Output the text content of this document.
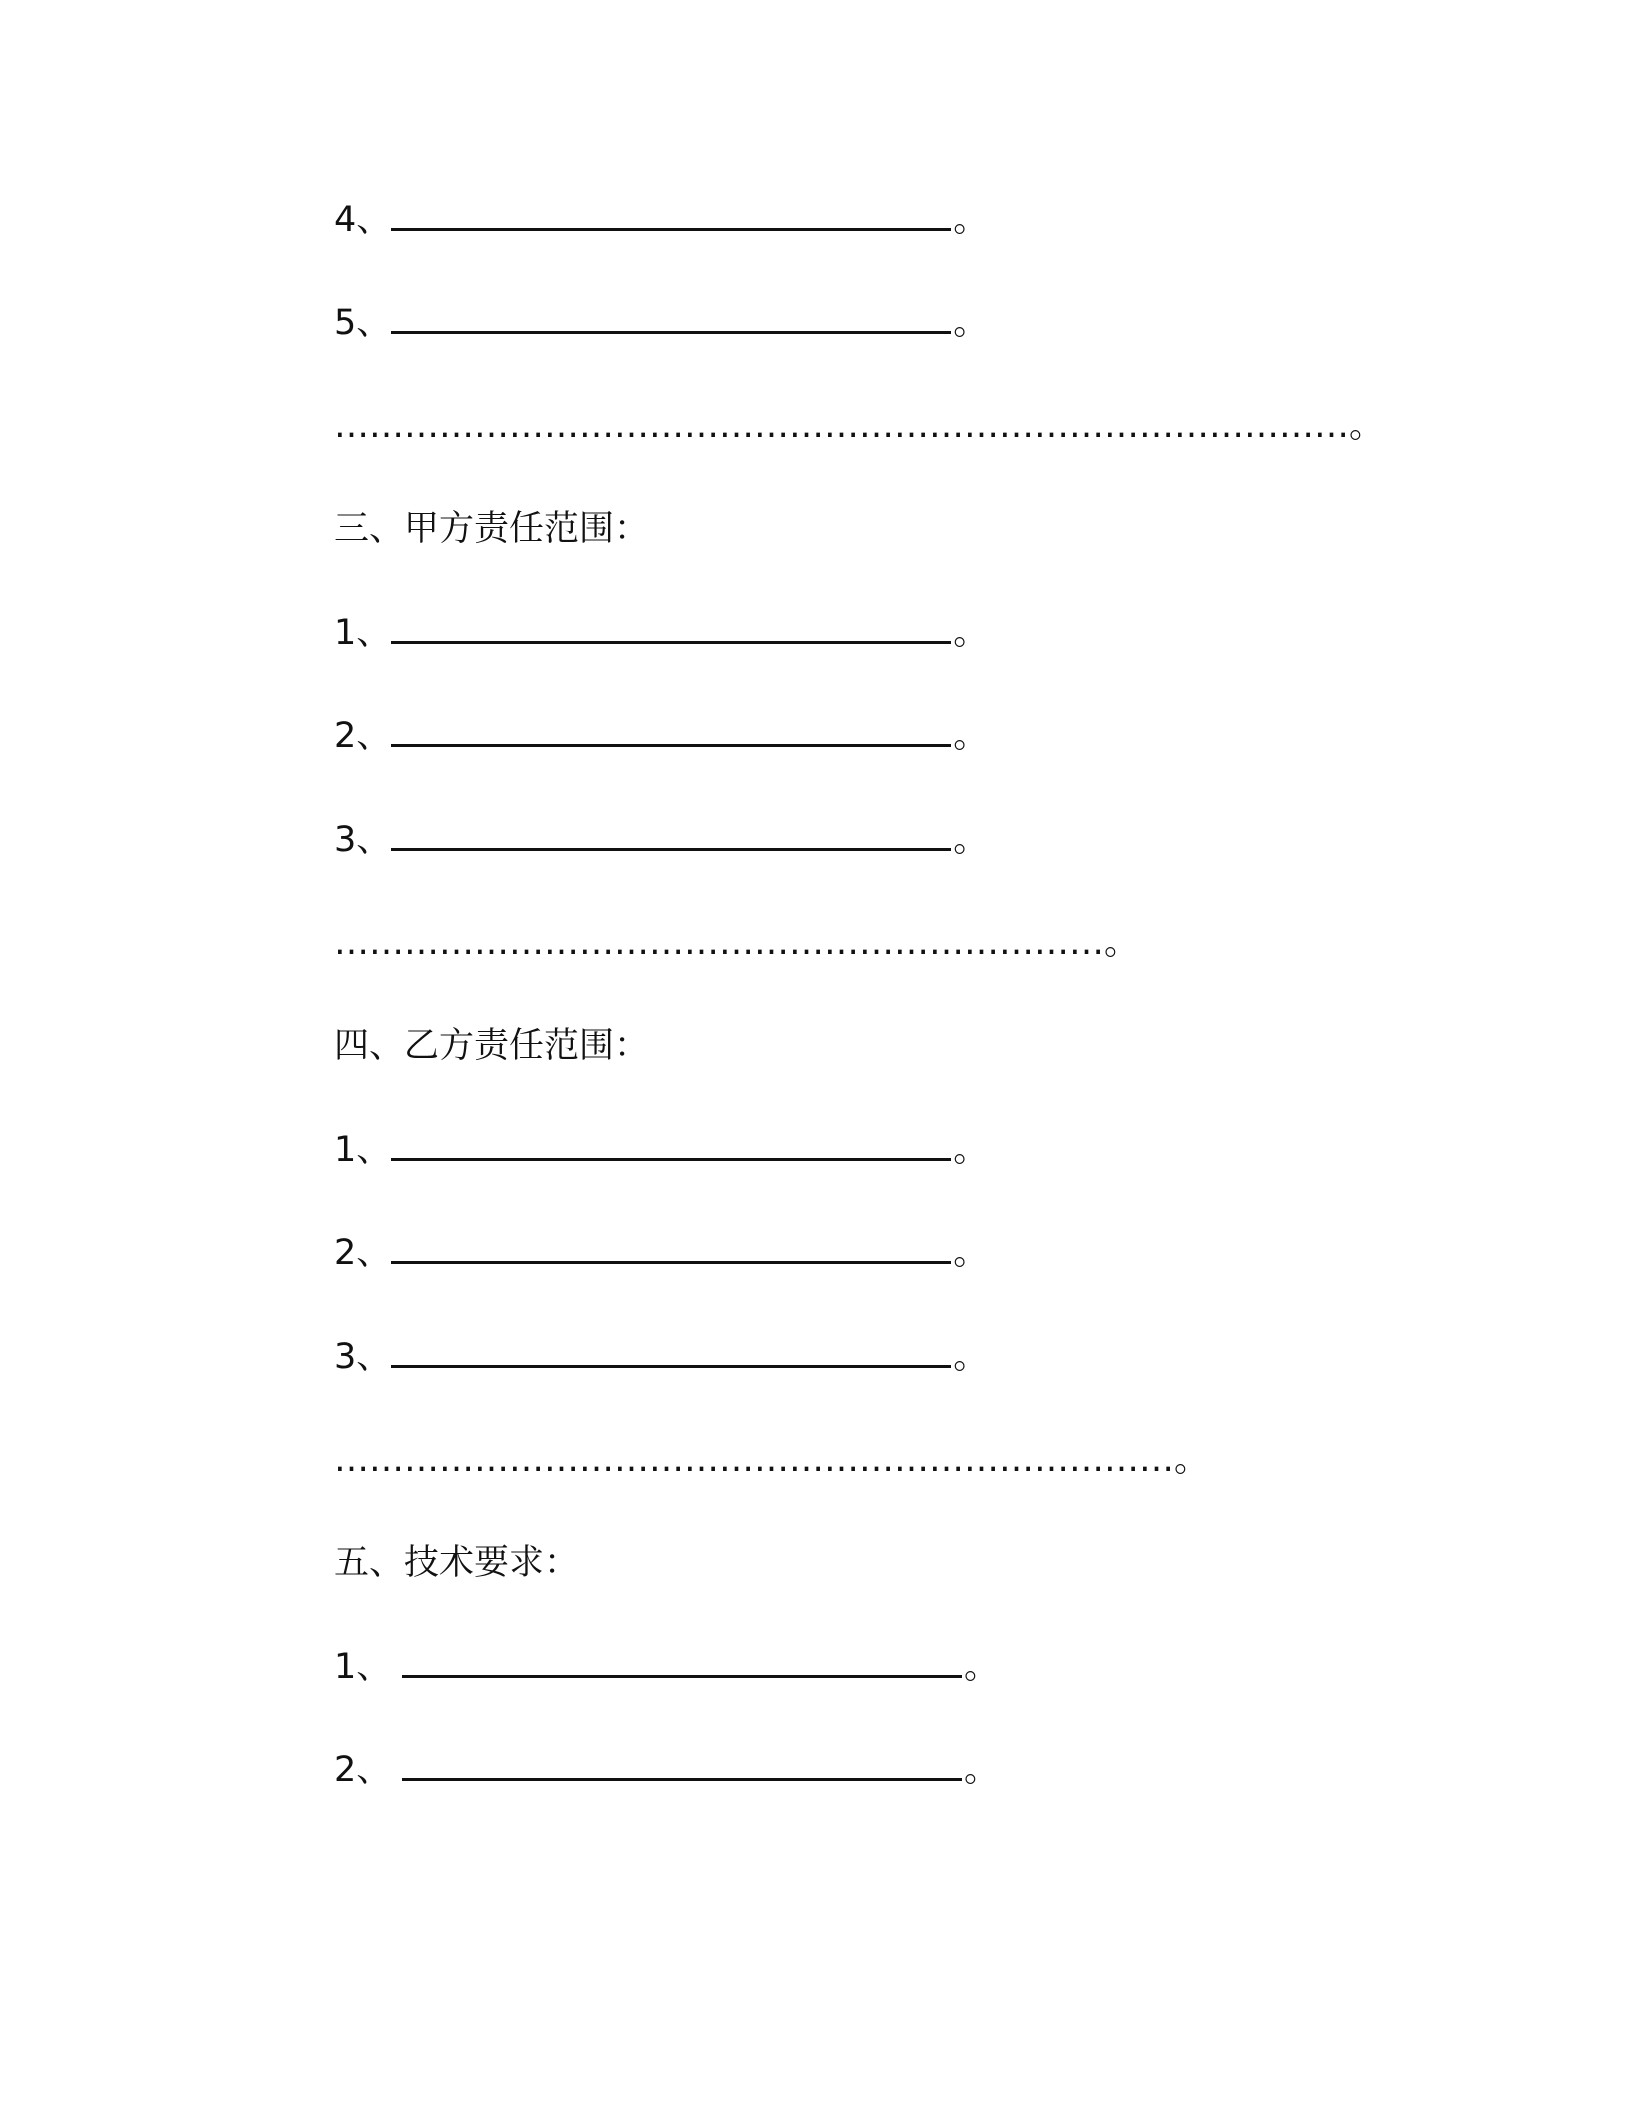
4、	。
5、	。
……………………………………………………………………………。
三、甲方责任范围：
1、	。
2、	。
3、	。
…………………………………………………………。
四、乙方责任范围：
1、	。
2、	。
3、	。
………………………………………………………………。
五、技术要求：
1、	。
2、	。
